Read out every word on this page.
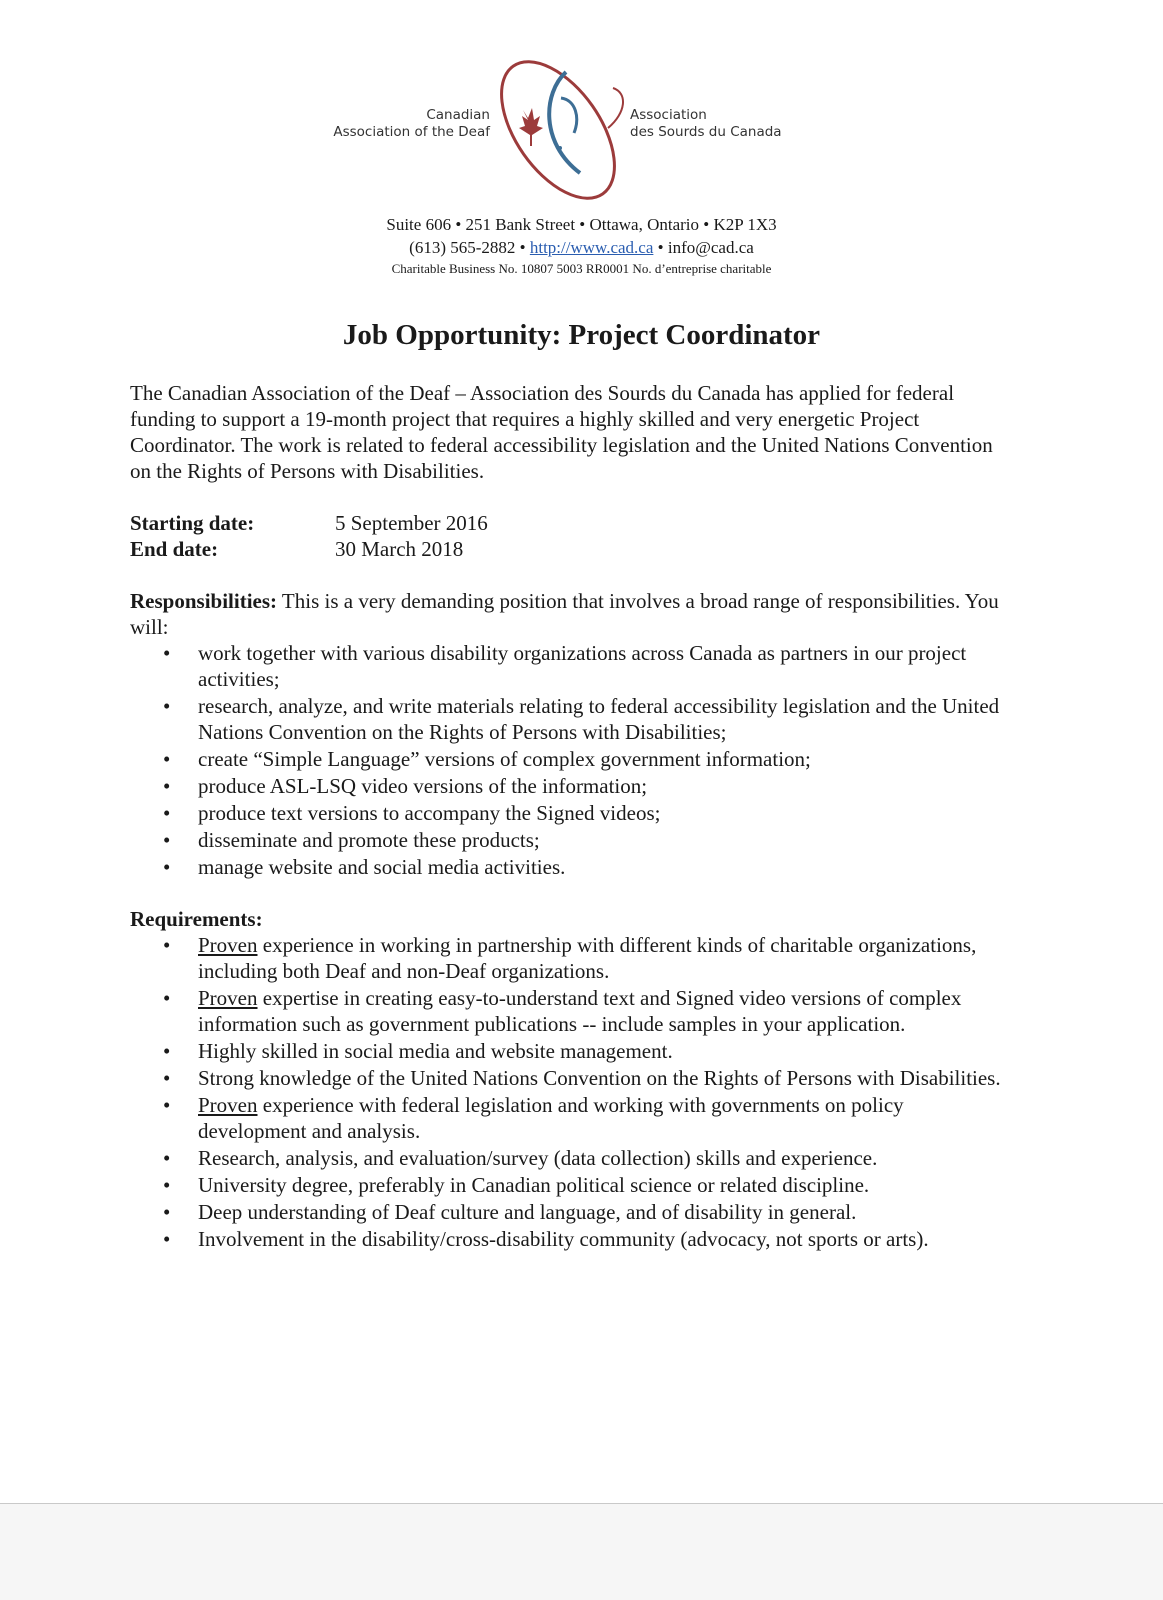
Canadian
Association of the Deaf
Association
des Sourds du Canada
Suite 606 • 251 Bank Street • Ottawa, Ontario • K2P 1X3
(613) 565-2882 • http://www.cad.ca • info@cad.ca
Charitable Business No. 10807 5003 RR0001 No. d’entreprise charitable
Job Opportunity: Project Coordinator

The Canadian Association of the Deaf – Association des Sourds du Canada has applied for federal funding to support a 19-month project that requires a highly skilled and very energetic Project Coordinator. The work is related to federal accessibility legislation and the United Nations Convention on the Rights of Persons with Disabilities.

Starting date:	5 September 2016
End date:	30 March 2018

Responsibilities: This is a very demanding position that involves a broad range of responsibilities. You will:

• work together with various disability organizations across Canada as partners in our project activities;
• research, analyze, and write materials relating to federal accessibility legislation and the United Nations Convention on the Rights of Persons with Disabilities;
• create “Simple Language” versions of complex government information;
• produce ASL-LSQ video versions of the information;
• produce text versions to accompany the Signed videos;
• disseminate and promote these products;
• manage website and social media activities.

Requirements:

• Proven experience in working in partnership with different kinds of charitable organizations, including both Deaf and non-Deaf organizations.
• Proven expertise in creating easy-to-understand text and Signed video versions of complex information such as government publications -- include samples in your application.
• Highly skilled in social media and website management.
• Strong knowledge of the United Nations Convention on the Rights of Persons with Disabilities.
• Proven experience with federal legislation and working with governments on policy development and analysis.
• Research, analysis, and evaluation/survey (data collection) skills and experience.
• University degree, preferably in Canadian political science or related discipline.
• Deep understanding of Deaf culture and language, and of disability in general.
• Involvement in the disability/cross-disability community (advocacy, not sports or arts).
